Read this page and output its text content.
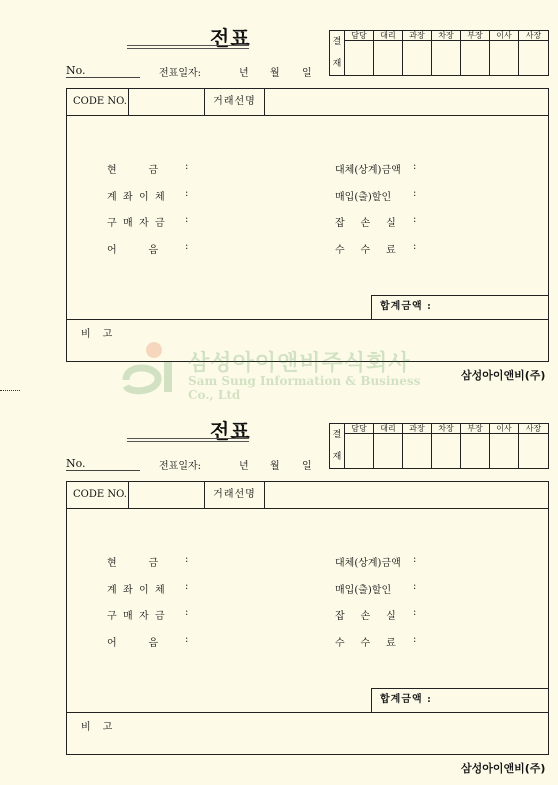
전표
No.	전표일자:	년 월 일
결
재
담당	대리	과장	차장	부장	이사	사장
CODE NO.	거래선명
현          금	:
계  좌  이  체 :
구  매  자  금 :
어          음	:
대체(상계)금액 :
매입(출)할인 :
잡     손     실 :
수     수     료 :
합계금액 :
비고
삼성아이앤비(주)
삼성아이앤비주식회사
Sam Sung Information & Business Co., Ltd
전표
No.	전표일자:	년 월 일
결
재
담당	대리	과장	차장	부장	이사	사장
CODE NO.	거래선명
현          금	:
계  좌  이  체 :
구  매  자  금 :
어          음	:
대체(상계)금액 :
매입(출)할인 :
잡     손     실 :
수     수     료 :
합계금액 :
비고
삼성아이앤비(주)
